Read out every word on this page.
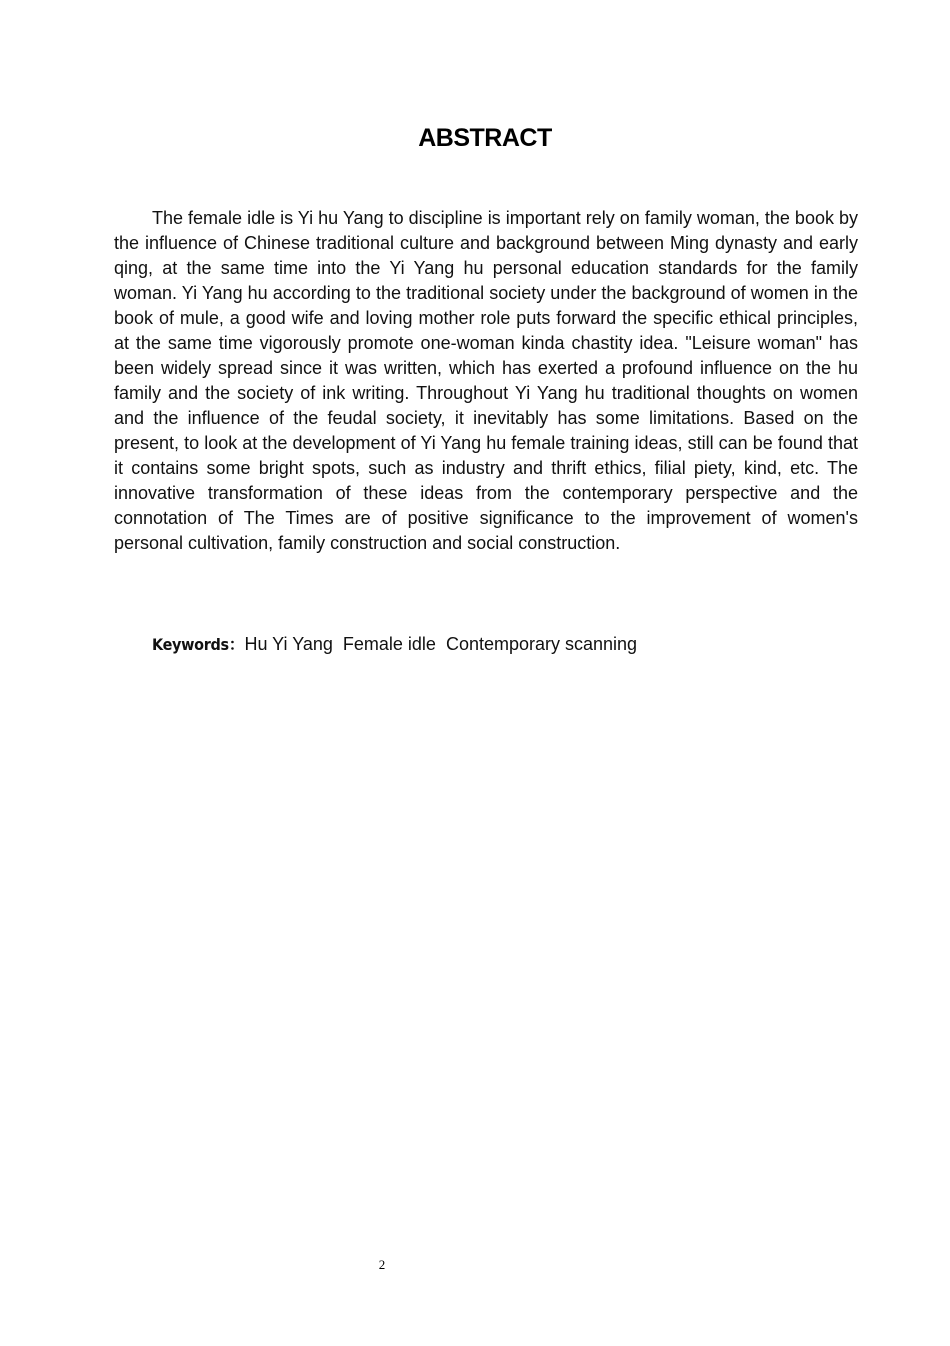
ABSTRACT

The female idle is Yi hu Yang to discipline is important rely on family woman, the book by the influence of Chinese traditional culture and background between Ming dynasty and early qing, at the same time into the Yi Yang hu personal education standards for the family woman. Yi Yang hu according to the traditional society under the background of women in the book of mule, a good wife and loving mother role puts forward the specific ethical principles, at the same time vigorously promote one-woman kinda chastity idea. "Leisure woman" has been widely spread since it was written, which has exerted a profound influence on the hu family and the society of ink writing. Throughout Yi Yang hu traditional thoughts on women and the influence of the feudal society, it inevitably has some limitations. Based on the present, to look at the development of Yi Yang hu female training ideas, still can be found that it contains some bright spots, such as industry and thrift ethics, filial piety, kind, etc. The innovative transformation of these ideas from the contemporary perspective and the connotation of The Times are of positive significance to the improvement of women's personal cultivation, family construction and social construction.

Keywords：Hu Yi Yang  Female idle  Contemporary scanning
2
